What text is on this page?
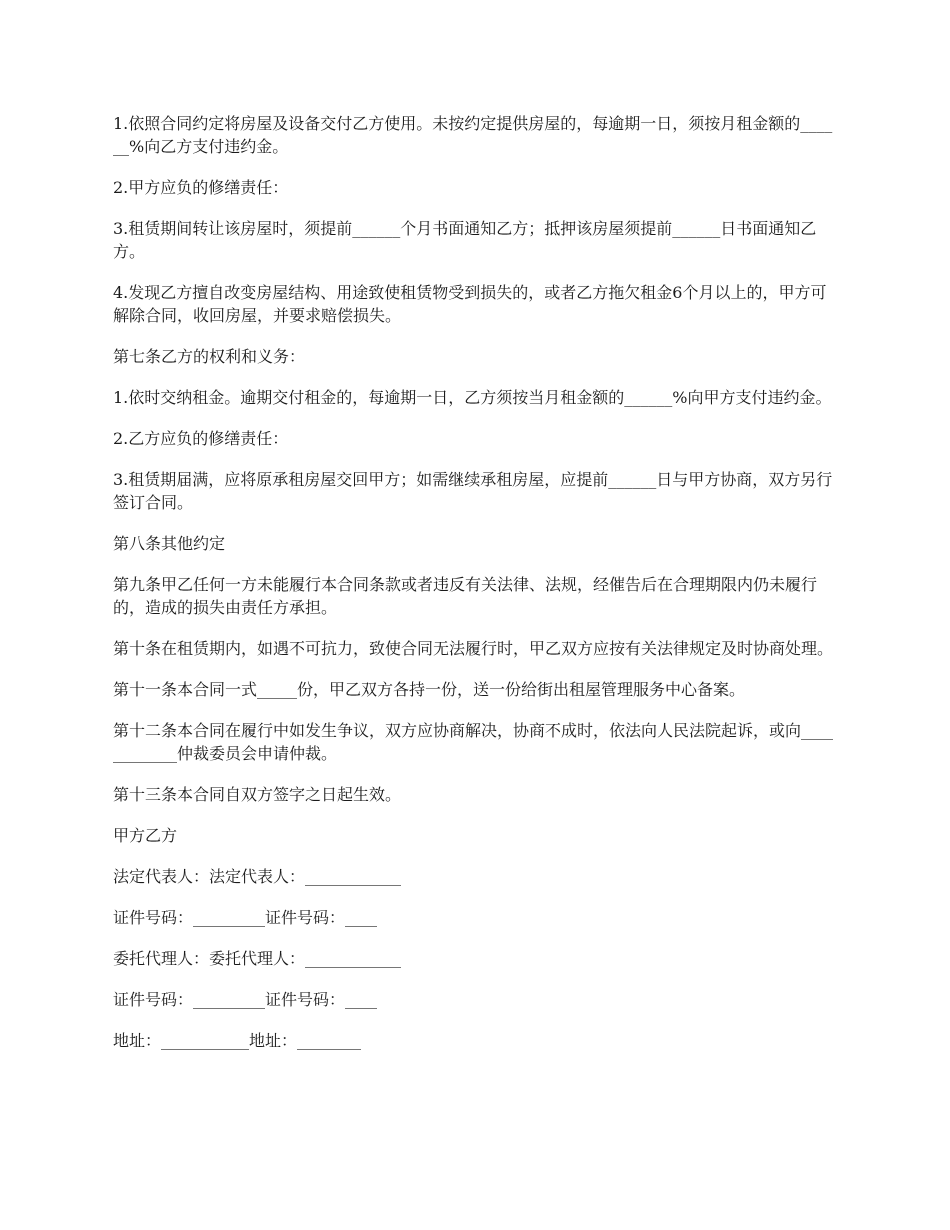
1.依照合同约定将房屋及设备交付乙方使用。未按约定提供房屋的，每逾期一日，须按月租金额的______%向乙方支付违约金。

2.甲方应负的修缮责任：

3.租赁期间转让该房屋时，须提前______个月书面通知乙方；抵押该房屋须提前______日书面通知乙方。

4.发现乙方擅自改变房屋结构、用途致使租赁物受到损失的，或者乙方拖欠租金6个月以上的，甲方可解除合同，收回房屋，并要求赔偿损失。

第七条乙方的权利和义务：

1.依时交纳租金。逾期交付租金的，每逾期一日，乙方须按当月租金额的______%向甲方支付违约金。

2.乙方应负的修缮责任：

3.租赁期届满，应将原承租房屋交回甲方；如需继续承租房屋，应提前______日与甲方协商，双方另行签订合同。

第八条其他约定

第九条甲乙任何一方未能履行本合同条款或者违反有关法律、法规，经催告后在合理期限内仍未履行的，造成的损失由责任方承担。

第十条在租赁期内，如遇不可抗力，致使合同无法履行时，甲乙双方应按有关法律规定及时协商处理。

第十一条本合同一式_____份，甲乙双方各持一份，送一份给街出租屋管理服务中心备案。

第十二条本合同在履行中如发生争议，双方应协商解决，协商不成时，依法向人民法院起诉，或向____________仲裁委员会申请仲裁。

第十三条本合同自双方签字之日起生效。

甲方乙方

法定代表人：法定代表人：____________

证件号码：_________证件号码：____

委托代理人：委托代理人：____________

证件号码：_________证件号码：____

地址：___________地址：________
